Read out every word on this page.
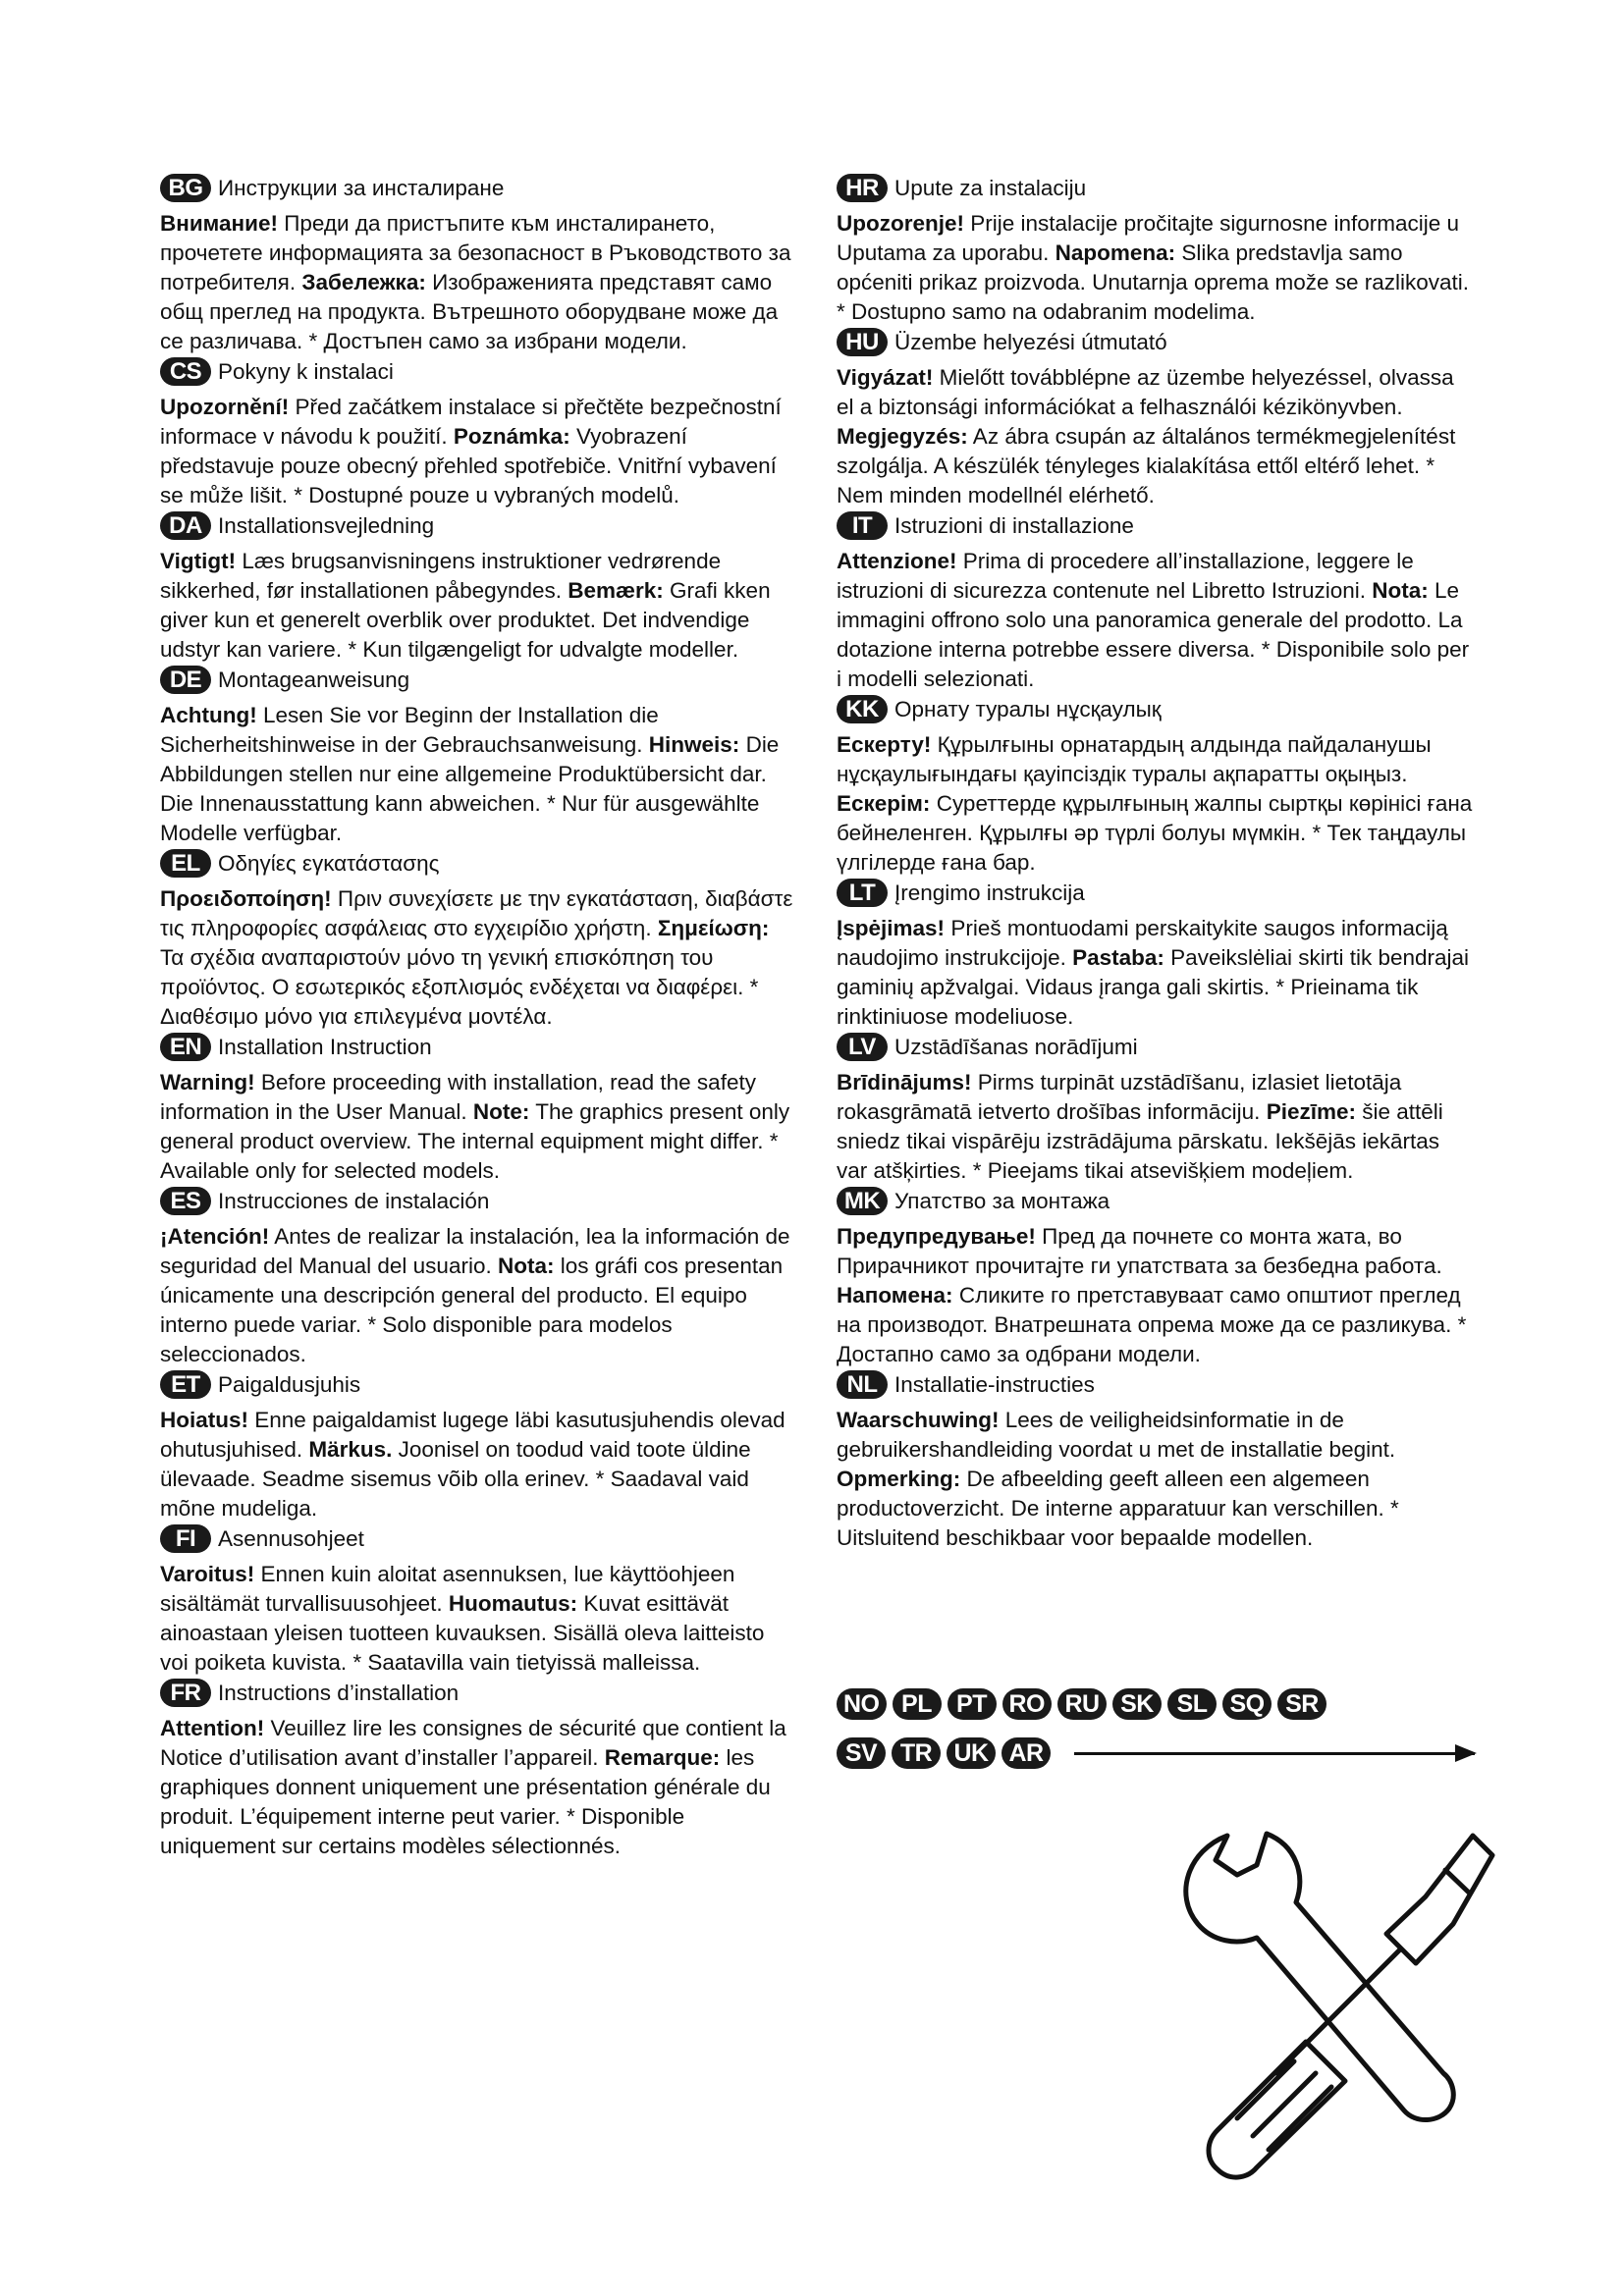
BG Инструкции за инсталиране
Внимание! Преди да пристъпите към инсталирането, прочетете информацията за безопасност в Ръководството за потребителя. Забележка: Изображенията представят само общ преглед на продукта. Вътрешното оборудване може да се различава. * Достъпен само за избрани модели.
CS Pokyny k instalaci
Upozornění! Před začátkem instalace si přečtěte bezpečnostní informace v návodu k použití. Poznámka: Vyobrazení představuje pouze obecný přehled spotřebiče. Vnitřní vybavení se může lišit. * Dostupné pouze u vybraných modelů.
DA Installationsvejledning
Vigtigt! Læs brugsanvisningens instruktioner vedrørende sikkerhed, før installationen påbegyndes. Bemærk: Grafi kken giver kun et generelt overblik over produktet. Det indvendige udstyr kan variere. * Kun tilgængeligt for udvalgte modeller.
DE Montageanweisung
Achtung! Lesen Sie vor Beginn der Installation die Sicherheitshinweise in der Gebrauchsanweisung. Hinweis: Die Abbildungen stellen nur eine allgemeine Produktübersicht dar. Die Innenausstattung kann abweichen. * Nur für ausgewählte Modelle verfügbar.
EL Οδηγίες εγκατάστασης
Προειδοποίηση! Πριν συνεχίσετε με την εγκατάσταση, διαβάστε τις πληροφορίες ασφάλειας στο εγχειρίδιο χρήστη. Σημείωση: Τα σχέδια αναπαριστούν μόνο τη γενική επισκόπηση του προϊόντος. Ο εσωτερικός εξοπλισμός ενδέχεται να διαφέρει. * Διαθέσιμο μόνο για επιλεγμένα μοντέλα.
EN Installation Instruction
Warning! Before proceeding with installation, read the safety information in the User Manual. Note: The graphics present only general product overview. The internal equipment might differ. * Available only for selected models.
ES Instrucciones de instalación
¡Atención! Antes de realizar la instalación, lea la información de seguridad del Manual del usuario. Nota: los gráfi cos presentan únicamente una descripción general del producto. El equipo interno puede variar. * Solo disponible para modelos seleccionados.
ET Paigaldusjuhis
Hoiatus! Enne paigaldamist lugege läbi kasutusjuhendis olevad ohutusjuhised. Märkus. Joonisel on toodud vaid toote üldine ülevaade. Seadme sisemus võib olla erinev. * Saadaval vaid mõne mudeliga.
FI	Asennusohjeet
Varoitus! Ennen kuin aloitat asennuksen, lue käyttöohjeen sisältämät turvallisuusohjeet. Huomautus: Kuvat esittävät ainoastaan yleisen tuotteen kuvauksen. Sisällä oleva laitteisto voi poiketa kuvista. * Saatavilla vain tietyissä malleissa.
FR Instructions d’installation
Attention! Veuillez lire les consignes de sécurité que contient la Notice d’utilisation avant d’installer l’appareil. Remarque: les graphiques donnent uniquement une présentation générale du produit. L’équipement interne peut varier. * Disponible uniquement sur certains modèles sélectionnés.
HR Upute za instalaciju
Upozorenje! Prije instalacije pročitajte sigurnosne informacije u Uputama za uporabu. Napomena: Slika predstavlja samo općeniti prikaz proizvoda. Unutarnja oprema može se razlikovati. * Dostupno samo na odabranim modelima.
HU Üzembe helyezési útmutató
Vigyázat! Mielőtt továbblépne az üzembe helyezéssel, olvassa el a biztonsági információkat a felhasználói kézikönyvben. Megjegyzés: Az ábra csupán az általános termékmegjelenítést szolgálja. A készülék tényleges kialakítása ettől eltérő lehet. * Nem minden modellnél elérhető.
IT	Istruzioni di installazione
Attenzione! Prima di procedere all’installazione, leggere le istruzioni di sicurezza contenute nel Libretto Istruzioni. Nota: Le immagini offrono solo una panoramica generale del prodotto. La dotazione interna potrebbe essere diversa. * Disponibile solo per i modelli selezionati.
KK Орнату туралы нұсқаулық
Ескерту! Құрылғыны орнатардың алдында пайдаланушы нұсқаулығындағы қауіпсіздік туралы ақпаратты оқыңыз. Ескерім: Суреттерде құрылғының жалпы сыртқы көрінісі ғана бейнеленген. Құрылғы әр түрлі болуы мүмкін. * Тек таңдаулы үлгілерде ғана бар.
LT Įrengimo instrukcija
Įspėjimas! Prieš montuodami perskaitykite saugos informaciją naudojimo instrukcijoje. Pastaba: Paveikslėliai skirti tik bendrajai gaminių apžvalgai. Vidaus įranga gali skirtis. * Prieinama tik rinktiniuose modeliuose.
LV Uzstādīšanas norādījumi
Brīdinājums! Pirms turpināt uzstādīšanu, izlasiet lietotāja rokasgrāmatā ietverto drošības informāciju. Piezīme: šie attēli sniedz tikai vispārēju izstrādājuma pārskatu. Iekšējās iekārtas var atšķirties. * Pieejams tikai atsevišķiem modeļiem.
MK Упатство за монтажа
Предупредување! Пред да почнете со монта жата, во Прирачникот прочитајте ги упатствата за безбедна работа. Напомена: Сликите го претставуваат само општиот преглед на производот. Внатрешната опрема може да се разликува. * Достапно само за одбрани модели.
NL Installatie-instructies
Waarschuwing! Lees de veiligheidsinformatie in de gebruikershandleiding voordat u met de installatie begint. Opmerking: De afbeelding geeft alleen een algemeen productoverzicht. De interne apparatuur kan verschillen. * Uitsluitend beschikbaar voor bepaalde modellen.
NO PL	PT RO RU SK SL SQ SR
SV TR UK AR
